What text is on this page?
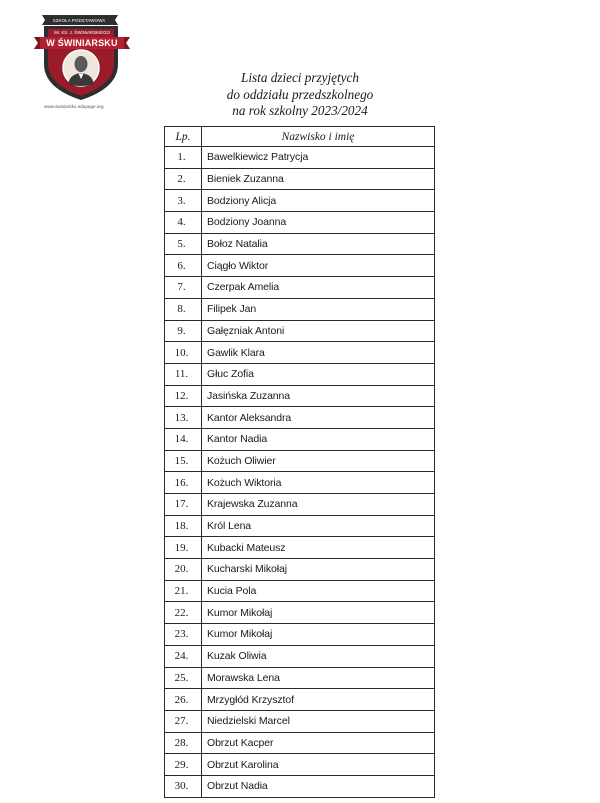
SZKOŁA PODSTAWOWA
IM. KS. J. ŚWINIARSKIEGO
W ŚWINIARSKU
www.swiniarsko.edupage.org
Lista dzieci przyjętych
do oddziału przedszkolnego
na rok szkolny 2023/2024
Lp.	Nazwisko i imię
1.	Bawelkiewicz Patrycja
2.	Bieniek Zuzanna
3.	Bodziony Alicja
4.	Bodziony Joanna
5.	Bołoz Natalia
6.	Ciągło Wiktor
7.	Czerpak Amelia
8.	Filipek Jan
9.	Gałęzniak Antoni
10.	Gawlik Klara
11.	Głuc Zofia
12.	Jasińska Zuzanna
13.	Kantor Aleksandra
14.	Kantor Nadia
15.	Kożuch Oliwier
16.	Kożuch Wiktoria
17.	Krajewska Zuzanna
18.	Król Lena
19.	Kubacki Mateusz
20.	Kucharski Mikołaj
21.	Kucia Pola
22.	Kumor Mikołaj
23.	Kumor Mikołaj
24.	Kuzak Oliwia
25.	Morawska Lena
26.	Mrzygłód Krzysztof
27.	Niedzielski Marcel
28.	Obrzut Kacper
29.	Obrzut Karolina
30.	Obrzut Nadia
